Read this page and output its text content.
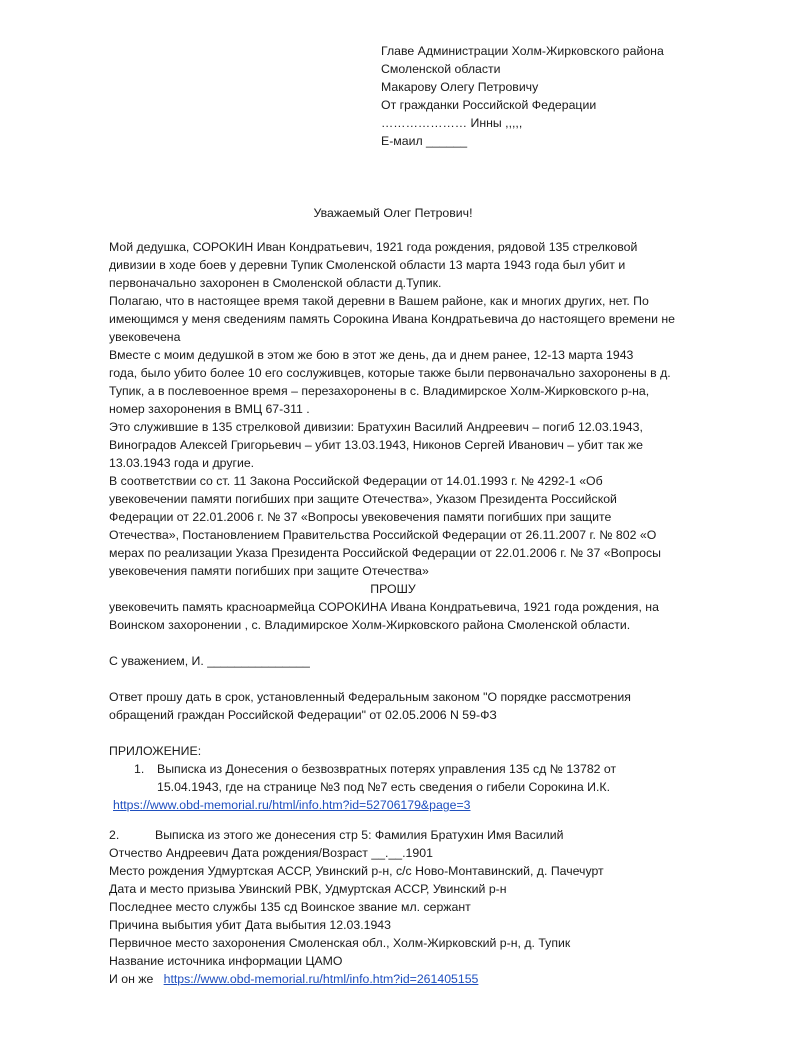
Главе Администрации Холм-Жирковского района
Смоленской области
Макарову Олегу Петровичу
От гражданки Российской Федерации
………………… Инны ,,,,,
Е-маил ______
Уважаемый Олег Петрович!
Мой дедушка, СОРОКИН Иван Кондратьевич, 1921 года рождения, рядовой 135 стрелковой
дивизии в ходе боев у деревни Тупик Смоленской области 13 марта 1943 года был убит и
первоначально захоронен в Смоленской области д.Тупик.
Полагаю, что в настоящее время такой деревни в Вашем районе, как и многих других, нет. По
имеющимся у меня сведениям память Сорокина Ивана Кондратьевича до настоящего времени не
увековечена
Вместе с моим дедушкой в этом же бою в этот же день, да и днем ранее, 12-13 марта 1943
года, было убито более 10 его сослуживцев, которые также были первоначально захоронены в д.
Тупик, а в послевоенное время – перезахоронены в с. Владимирское Холм-Жирковского р-на,
номер захоронения в ВМЦ 67-311 .
Это служившие в 135 стрелковой дивизии: Братухин Василий Андреевич – погиб 12.03.1943,
Виноградов Алексей Григорьевич – убит 13.03.1943, Никонов Сергей Иванович – убит так же
13.03.1943 года и другие.
В соответствии со ст. 11 Закона Российской Федерации от 14.01.1993 г. № 4292-1 «Об
увековечении памяти погибших при защите Отечества», Указом Президента Российской
Федерации от 22.01.2006 г. № 37 «Вопросы увековечения памяти погибших при защите
Отечества», Постановлением Правительства Российской Федерации от 26.11.2007 г. № 802 «О
мерах по реализации Указа Президента Российской Федерации от 22.01.2006 г. № 37 «Вопросы
увековечения памяти погибших при защите Отечества»
ПРОШУ
увековечить память красноармейца СОРОКИНА Ивана Кондратьевича, 1921 года рождения, на
Воинском захоронении , с. Владимирское Холм-Жирковского района Смоленской области.
С уважением, И. _______________
Ответ прошу дать в срок, установленный Федеральным законом "О порядке рассмотрения
обращений граждан Российской Федерации" от 02.05.2006 N 59-ФЗ
ПРИЛОЖЕНИЕ:
1. Выписка из Донесения о безвозвратных потерях управления 135 сд № 13782 от
15.04.1943, где на странице №3 под №7 есть сведения о гибели Сорокина И.К.
https://www.obd-memorial.ru/html/info.htm?id=52706179&page=3
2.	Выписка из этого же донесения стр 5: Фамилия Братухин Имя Василий
Отчество Андреевич Дата рождения/Возраст __.__.1901
Место рождения Удмуртская АССР, Увинский р-н, с/с Ново-Монтавинский, д. Пачечурт
Дата и место призыва Увинский РВК, Удмуртская АССР, Увинский р-н
Последнее место службы 135 сд Воинское звание мл. сержант
Причина выбытия убит Дата выбытия 12.03.1943
Первичное место захоронения Смоленская обл., Холм-Жирковский р-н, д. Тупик
Название источника информации ЦАМО
И он же https://www.obd-memorial.ru/html/info.htm?id=261405155
